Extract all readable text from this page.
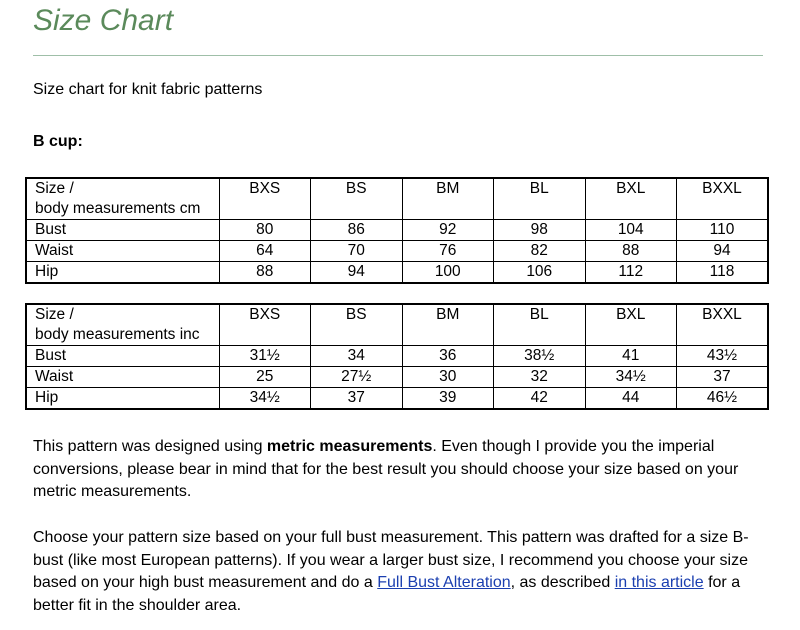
Size Chart

Size chart for knit fabric patterns

B cup:

Size /
body measurements cm	BXS	BS	BM	BL	BXL	BXXL
Bust	80	86	92	98	104	110
Waist	64	70	76	82	88	94
Hip	88	94	100	106	112	118
Size /
body measurements inc	BXS	BS	BM	BL	BXL	BXXL
Bust	31½	34	36	38½	41	43½
Waist	25	27½	30	32	34½	37
Hip	34½	37	39	42	44	46½

This pattern was designed using metric measurements. Even though I provide you the imperial conversions, please bear in mind that for the best result you should choose your size based on your metric measurements.

Choose your pattern size based on your full bust measurement. This pattern was drafted for a size B-bust (like most European patterns). If you wear a larger bust size, I recommend you choose your size based on your high bust measurement and do a Full Bust Alteration, as described in this article for a better fit in the shoulder area.
